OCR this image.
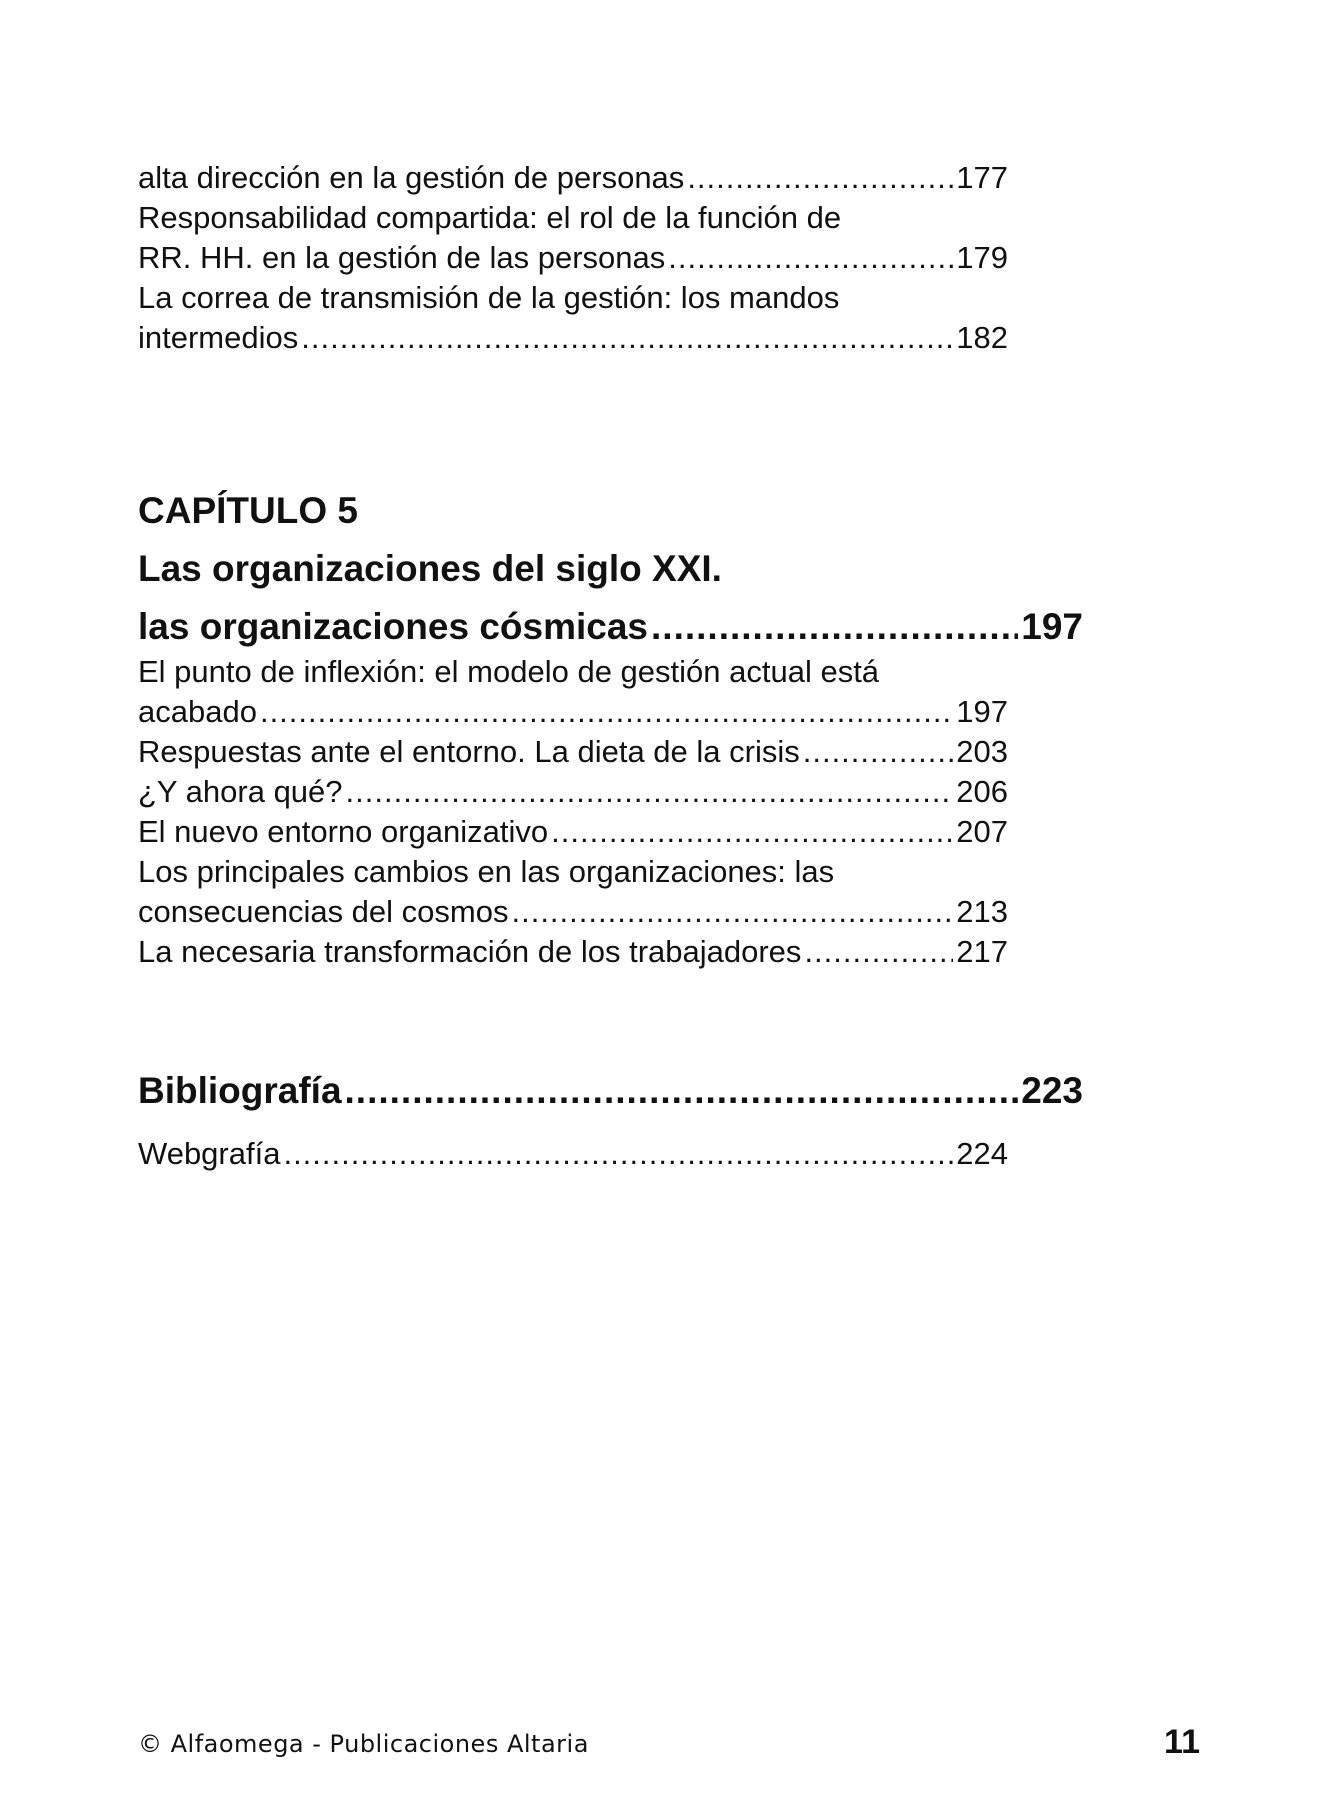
alta dirección en la gestión de personas .....	177
Responsabilidad compartida: el rol de la función de
RR. HH. en la gestión de las personas .....	179
La correa de transmisión de la gestión: los mandos
intermedios .....	182
CAPÍTULO 5
Las organizaciones del siglo XXI.
las organizaciones cósmicas .....	197
El punto de inflexión: el modelo de gestión actual está
acabado .....	197
Respuestas ante el entorno. La dieta de la crisis .....	203
¿Y ahora qué? .....	206
El nuevo entorno organizativo .....	207
Los principales cambios en las organizaciones: las
consecuencias del cosmos .....	213
La necesaria transformación de los trabajadores .....	217
Bibliografía .....	223
Webgrafía .....	224
© Alfaomega - Publicaciones Altaria	11
